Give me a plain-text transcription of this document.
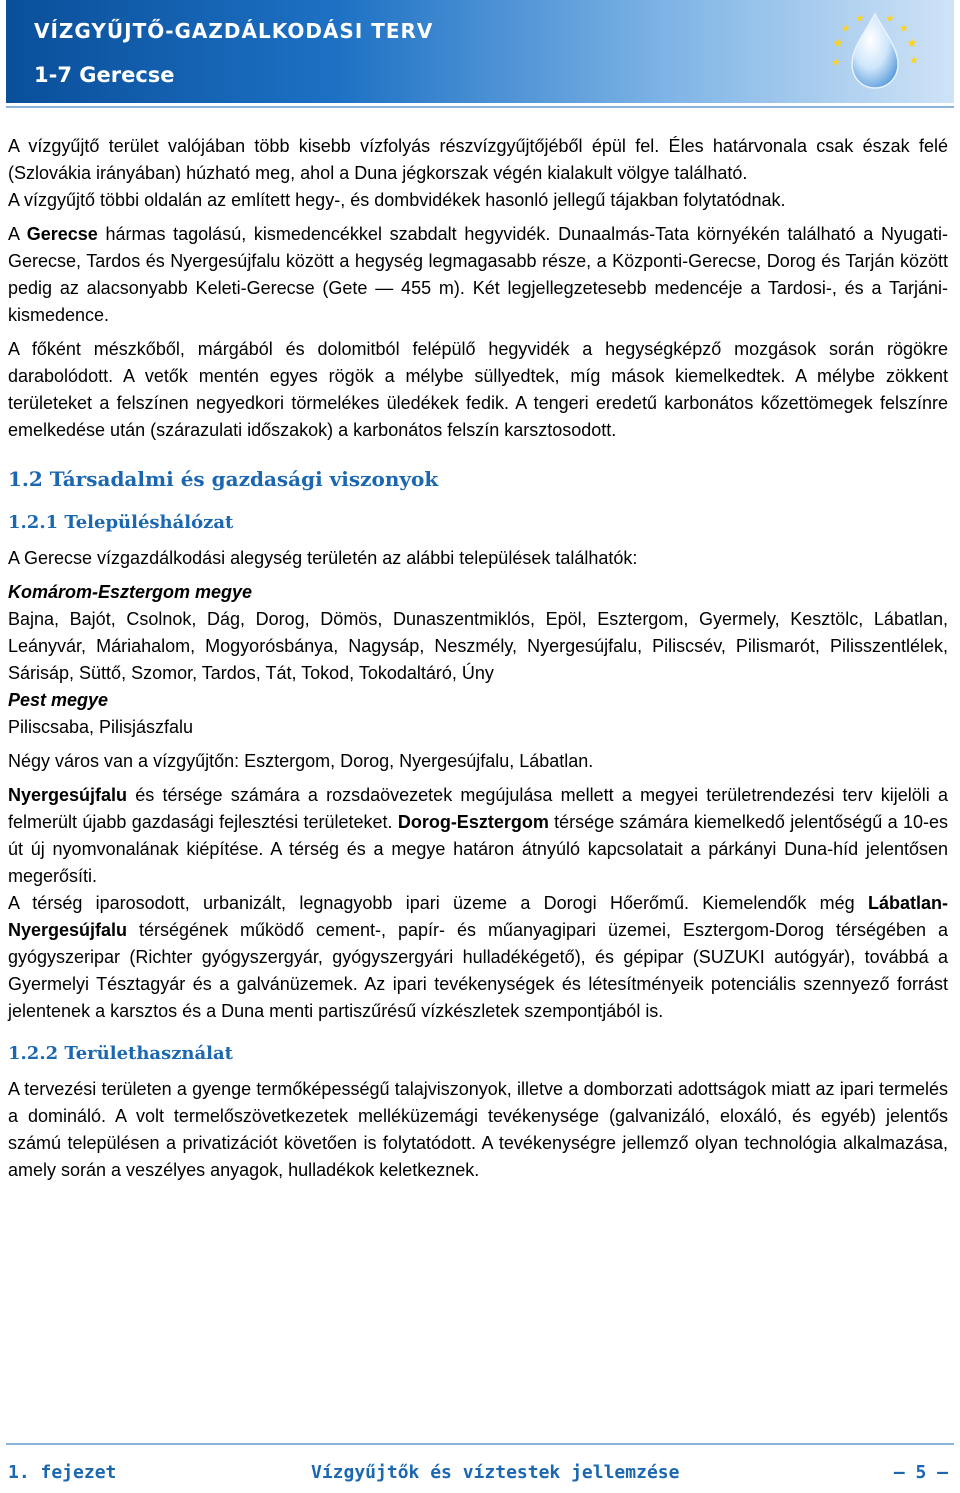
VÍZGYŰJTŐ-GAZDÁLKODÁSI TERV
1-7 Gerecse

A vízgyűjtő terület valójában több kisebb vízfolyás részvízgyűjtőjéből épül fel. Éles határvonala csak észak felé (Szlovákia irányában) húzható meg, ahol a Duna jégkorszak végén kialakult völgye található.

A vízgyűjtő többi oldalán az említett hegy-, és dombvidékek hasonló jellegű tájakban folytatódnak.

A Gerecse hármas tagolású, kismedencékkel szabdalt hegyvidék. Dunaalmás-Tata környékén található a Nyugati-Gerecse, Tardos és Nyergesújfalu között a hegység legmagasabb része, a Központi-Gerecse, Dorog és Tarján között pedig az alacsonyabb Keleti-Gerecse (Gete ― 455 m). Két legjellegzetesebb medencéje a Tardosi-, és a Tarjáni-kismedence.

A főként mészkőből, márgából és dolomitból felépülő hegyvidék a hegységképző mozgások során rögökre darabolódott. A vetők mentén egyes rögök a mélybe süllyedtek, míg mások kiemelkedtek. A mélybe zökkent területeket a felszínen negyedkori törmelékes üledékek fedik. A tengeri eredetű karbonátos kőzettömegek felszínre emelkedése után (szárazulati időszakok) a karbonátos felszín karsztosodott.

1.2 Társadalmi és gazdasági viszonyok
1.2.1 Településhálózat

A Gerecse vízgazdálkodási alegység területén az alábbi települések találhatók:

Komárom-Esztergom megye

Bajna, Bajót, Csolnok, Dág, Dorog, Dömös, Dunaszentmiklós, Epöl, Esztergom, Gyermely, Kesztölc, Lábatlan, Leányvár, Máriahalom, Mogyorósbánya, Nagysáp, Neszmély, Nyergesújfalu, Piliscsév, Pilismarót, Pilisszentlélek, Sárisáp, Süttő, Szomor, Tardos, Tát, Tokod, Tokodaltáró, Úny

Pest megye

Piliscsaba, Pilisjászfalu

Négy város van a vízgyűjtőn: Esztergom, Dorog, Nyergesújfalu, Lábatlan.

Nyergesújfalu és térsége számára a rozsdaövezetek megújulása mellett a megyei területrendezési terv kijelöli a felmerült újabb gazdasági fejlesztési területeket. Dorog-Esztergom térsége számára kiemelkedő jelentőségű a 10-es út új nyomvonalának kiépítése. A térség és a megye határon átnyúló kapcsolatait a párkányi Duna-híd jelentősen megerősíti.

A térség iparosodott, urbanizált, legnagyobb ipari üzeme a Dorogi Hőerőmű. Kiemelendők még Lábatlan-Nyergesújfalu térségének működő cement-, papír- és műanyagipari üzemei, Esztergom-Dorog térségében a gyógyszeripar (Richter gyógyszergyár, gyógyszergyári hulladékégető), és gépipar (SUZUKI autógyár), továbbá a Gyermelyi Tésztagyár és a galvánüzemek. Az ipari tevékenységek és létesítményeik potenciális szennyező forrást jelentenek a karsztos és a Duna menti partiszűrésű vízkészletek szempontjából is.

1.2.2 Területhasználat

A tervezési területen a gyenge termőképességű talajviszonyok, illetve a domborzati adottságok miatt az ipari termelés a domináló. A volt termelőszövetkezetek melléküzemági tevékenysége (galvanizáló, eloxáló, és egyéb) jelentős számú településen a privatizációt követően is folytatódott. A tevékenységre jellemző olyan technológia alkalmazása, amely során a veszélyes anyagok, hulladékok keletkeznek.

1. fejezet	Vízgyűjtők és víztestek jellemzése	― 5 ―
